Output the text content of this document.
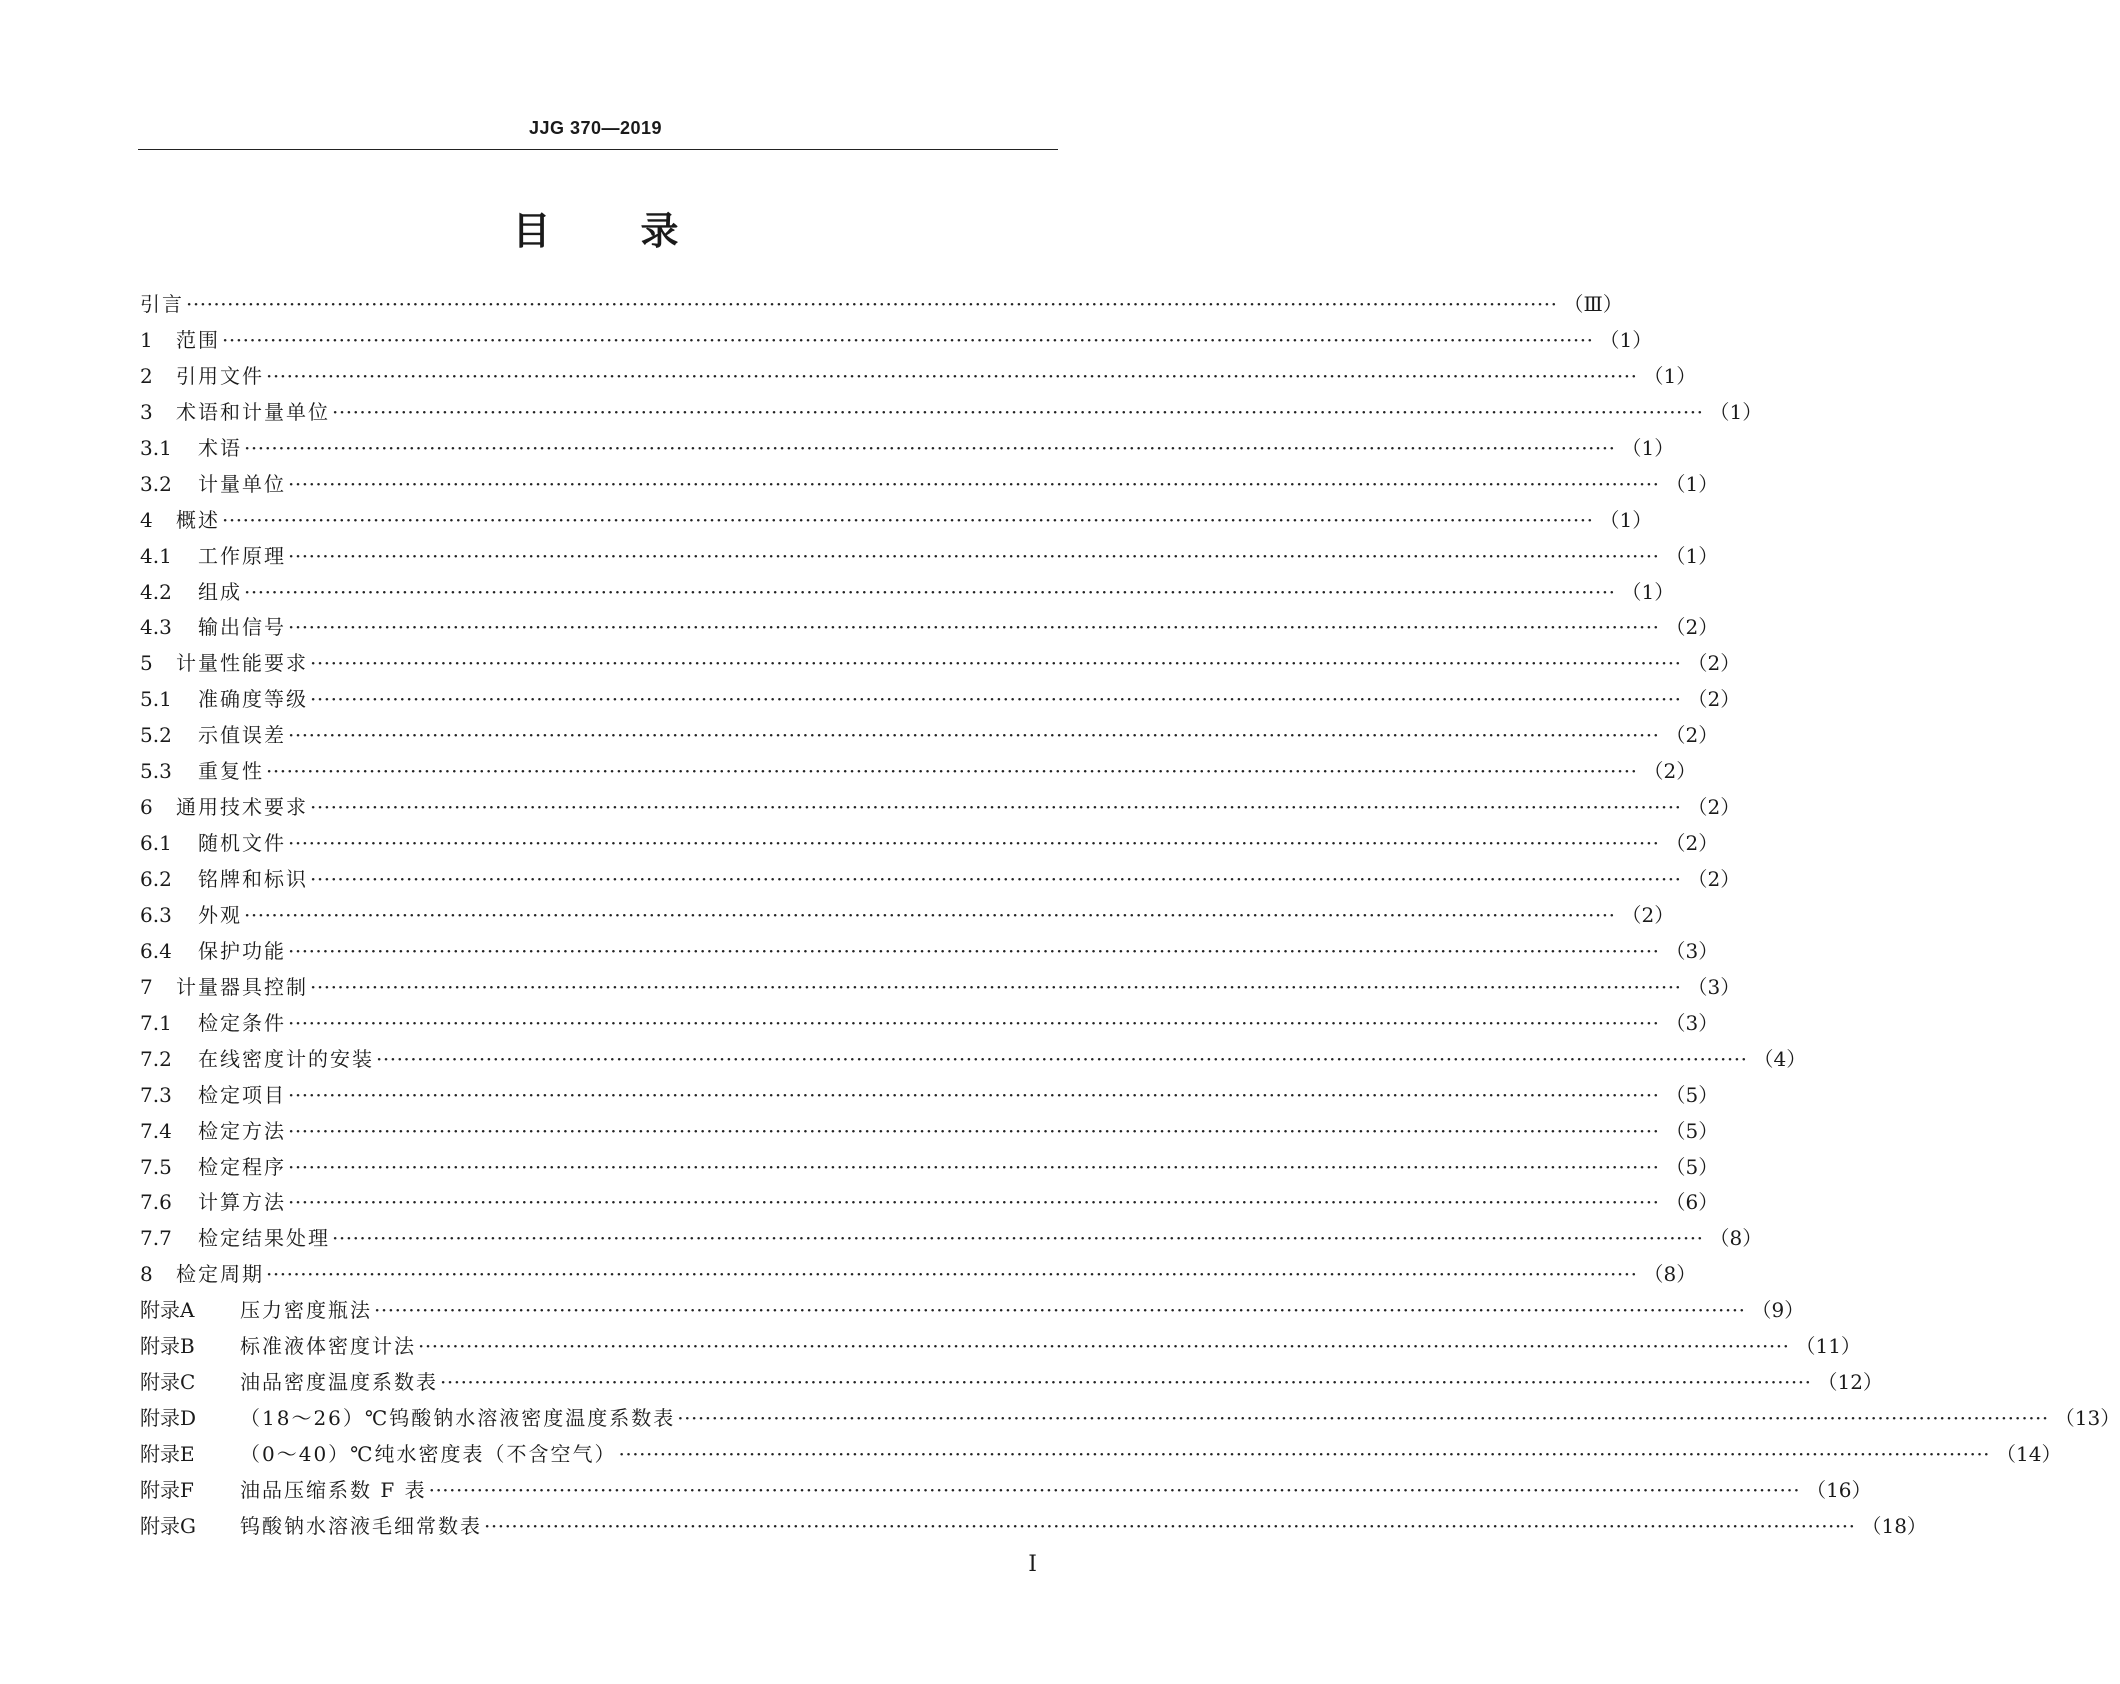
JJG 370—2019
目 录
引言 ········································································································································································································ （Ⅲ）
1	范围 ········································································································································································································ （1）
2	引用文件 ········································································································································································································ （1）
3	术语和计量单位 ········································································································································································································ （1）
3.1	术语 ········································································································································································································ （1）
3.2	计量单位 ········································································································································································································ （1）
4	概述 ········································································································································································································ （1）
4.1	工作原理 ········································································································································································································ （1）
4.2	组成 ········································································································································································································ （1）
4.3	输出信号 ········································································································································································································ （2）
5	计量性能要求 ········································································································································································································ （2）
5.1	准确度等级 ········································································································································································································ （2）
5.2	示值误差 ········································································································································································································ （2）
5.3	重复性 ········································································································································································································ （2）
6	通用技术要求 ········································································································································································································ （2）
6.1	随机文件 ········································································································································································································ （2）
6.2	铭牌和标识 ········································································································································································································ （2）
6.3	外观 ········································································································································································································ （2）
6.4	保护功能 ········································································································································································································ （3）
7	计量器具控制 ········································································································································································································ （3）
7.1	检定条件 ········································································································································································································ （3）
7.2	在线密度计的安装 ········································································································································································································ （4）
7.3	检定项目 ········································································································································································································ （5）
7.4	检定方法 ········································································································································································································ （5）
7.5	检定程序 ········································································································································································································ （5）
7.6	计算方法 ········································································································································································································ （6）
7.7	检定结果处理 ········································································································································································································ （8）
8	检定周期 ········································································································································································································ （8）
附录A	压力密度瓶法 ········································································································································································································ （9）
附录B	标准液体密度计法 ········································································································································································································ （11）
附录C	油品密度温度系数表 ········································································································································································································ （12）
附录D	（18～26）℃钨酸钠水溶液密度温度系数表 ········································································································································································································ （13）
附录E	（0～40）℃纯水密度表（不含空气） ········································································································································································································ （14）
附录F	油品压缩系数 F 表 ········································································································································································································ （16）
附录G	钨酸钠水溶液毛细常数表 ········································································································································································································ （18）
Ⅰ
